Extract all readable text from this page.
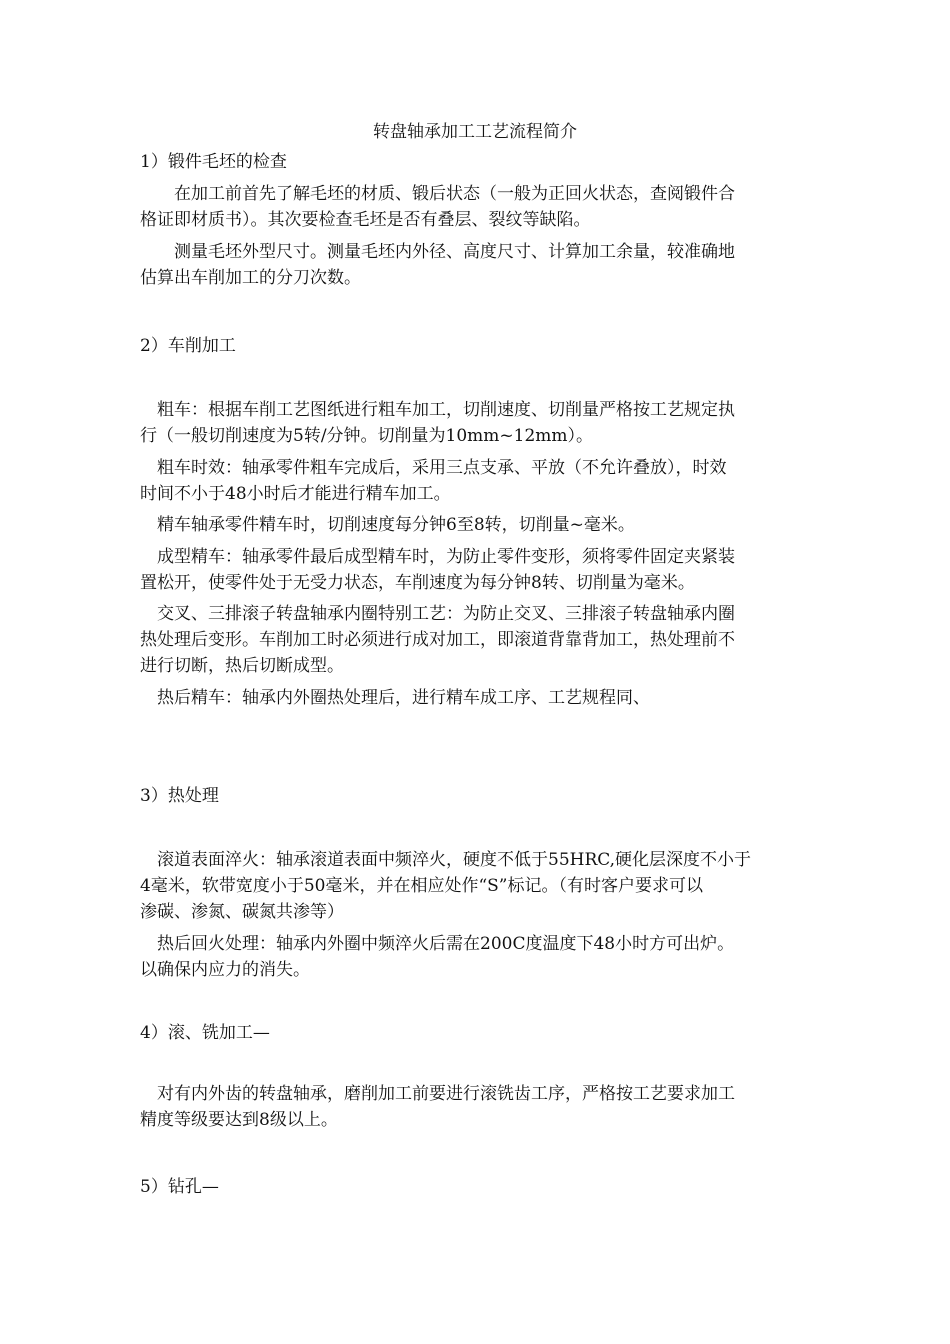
转盘轴承加工工艺流程简介
1）锻件毛坯的检查
　　在加工前首先了解毛坯的材质、锻后状态（一般为正回火状态，查阅锻件合
格证即材质书）。其次要检查毛坯是否有叠层、裂纹等缺陷。
　　测量毛坯外型尺寸。测量毛坯内外径、高度尺寸、计算加工余量，较准确地
估算出车削加工的分刀次数。
2）车削加工
　粗车：根据车削工艺图纸进行粗车加工，切削速度、切削量严格按工艺规定执
行（一般切削速度为5转/分钟。切削量为10mm~12mm）。
　粗车时效：轴承零件粗车完成后，采用三点支承、平放（不允许叠放），时效
时间不小于48小时后才能进行精车加工。
　精车轴承零件精车时，切削速度每分钟6至8转，切削量~毫米。
　成型精车：轴承零件最后成型精车时，为防止零件变形，须将零件固定夹紧装
置松开，使零件处于无受力状态，车削速度为每分钟8转、切削量为毫米。
　交叉、三排滚子转盘轴承内圈特别工艺：为防止交叉、三排滚子转盘轴承内圈
热处理后变形。车削加工时必须进行成对加工，即滚道背靠背加工，热处理前不
进行切断，热后切断成型。
　热后精车：轴承内外圈热处理后，进行精车成工序、工艺规程同、
3）热处理
　滚道表面淬火：轴承滚道表面中频淬火，硬度不低于55HRC,硬化层深度不小于
4毫米，软带宽度小于50毫米，并在相应处作“S”标记。（有时客户要求可以
渗碳、渗氮、碳氮共渗等）
　热后回火处理：轴承内外圈中频淬火后需在200C度温度下48小时方可出炉。
以确保内应力的消失。
4）滚、铣加工—
　对有内外齿的转盘轴承，磨削加工前要进行滚铣齿工序，严格按工艺要求加工
精度等级要达到8级以上。
5）钻孔—
